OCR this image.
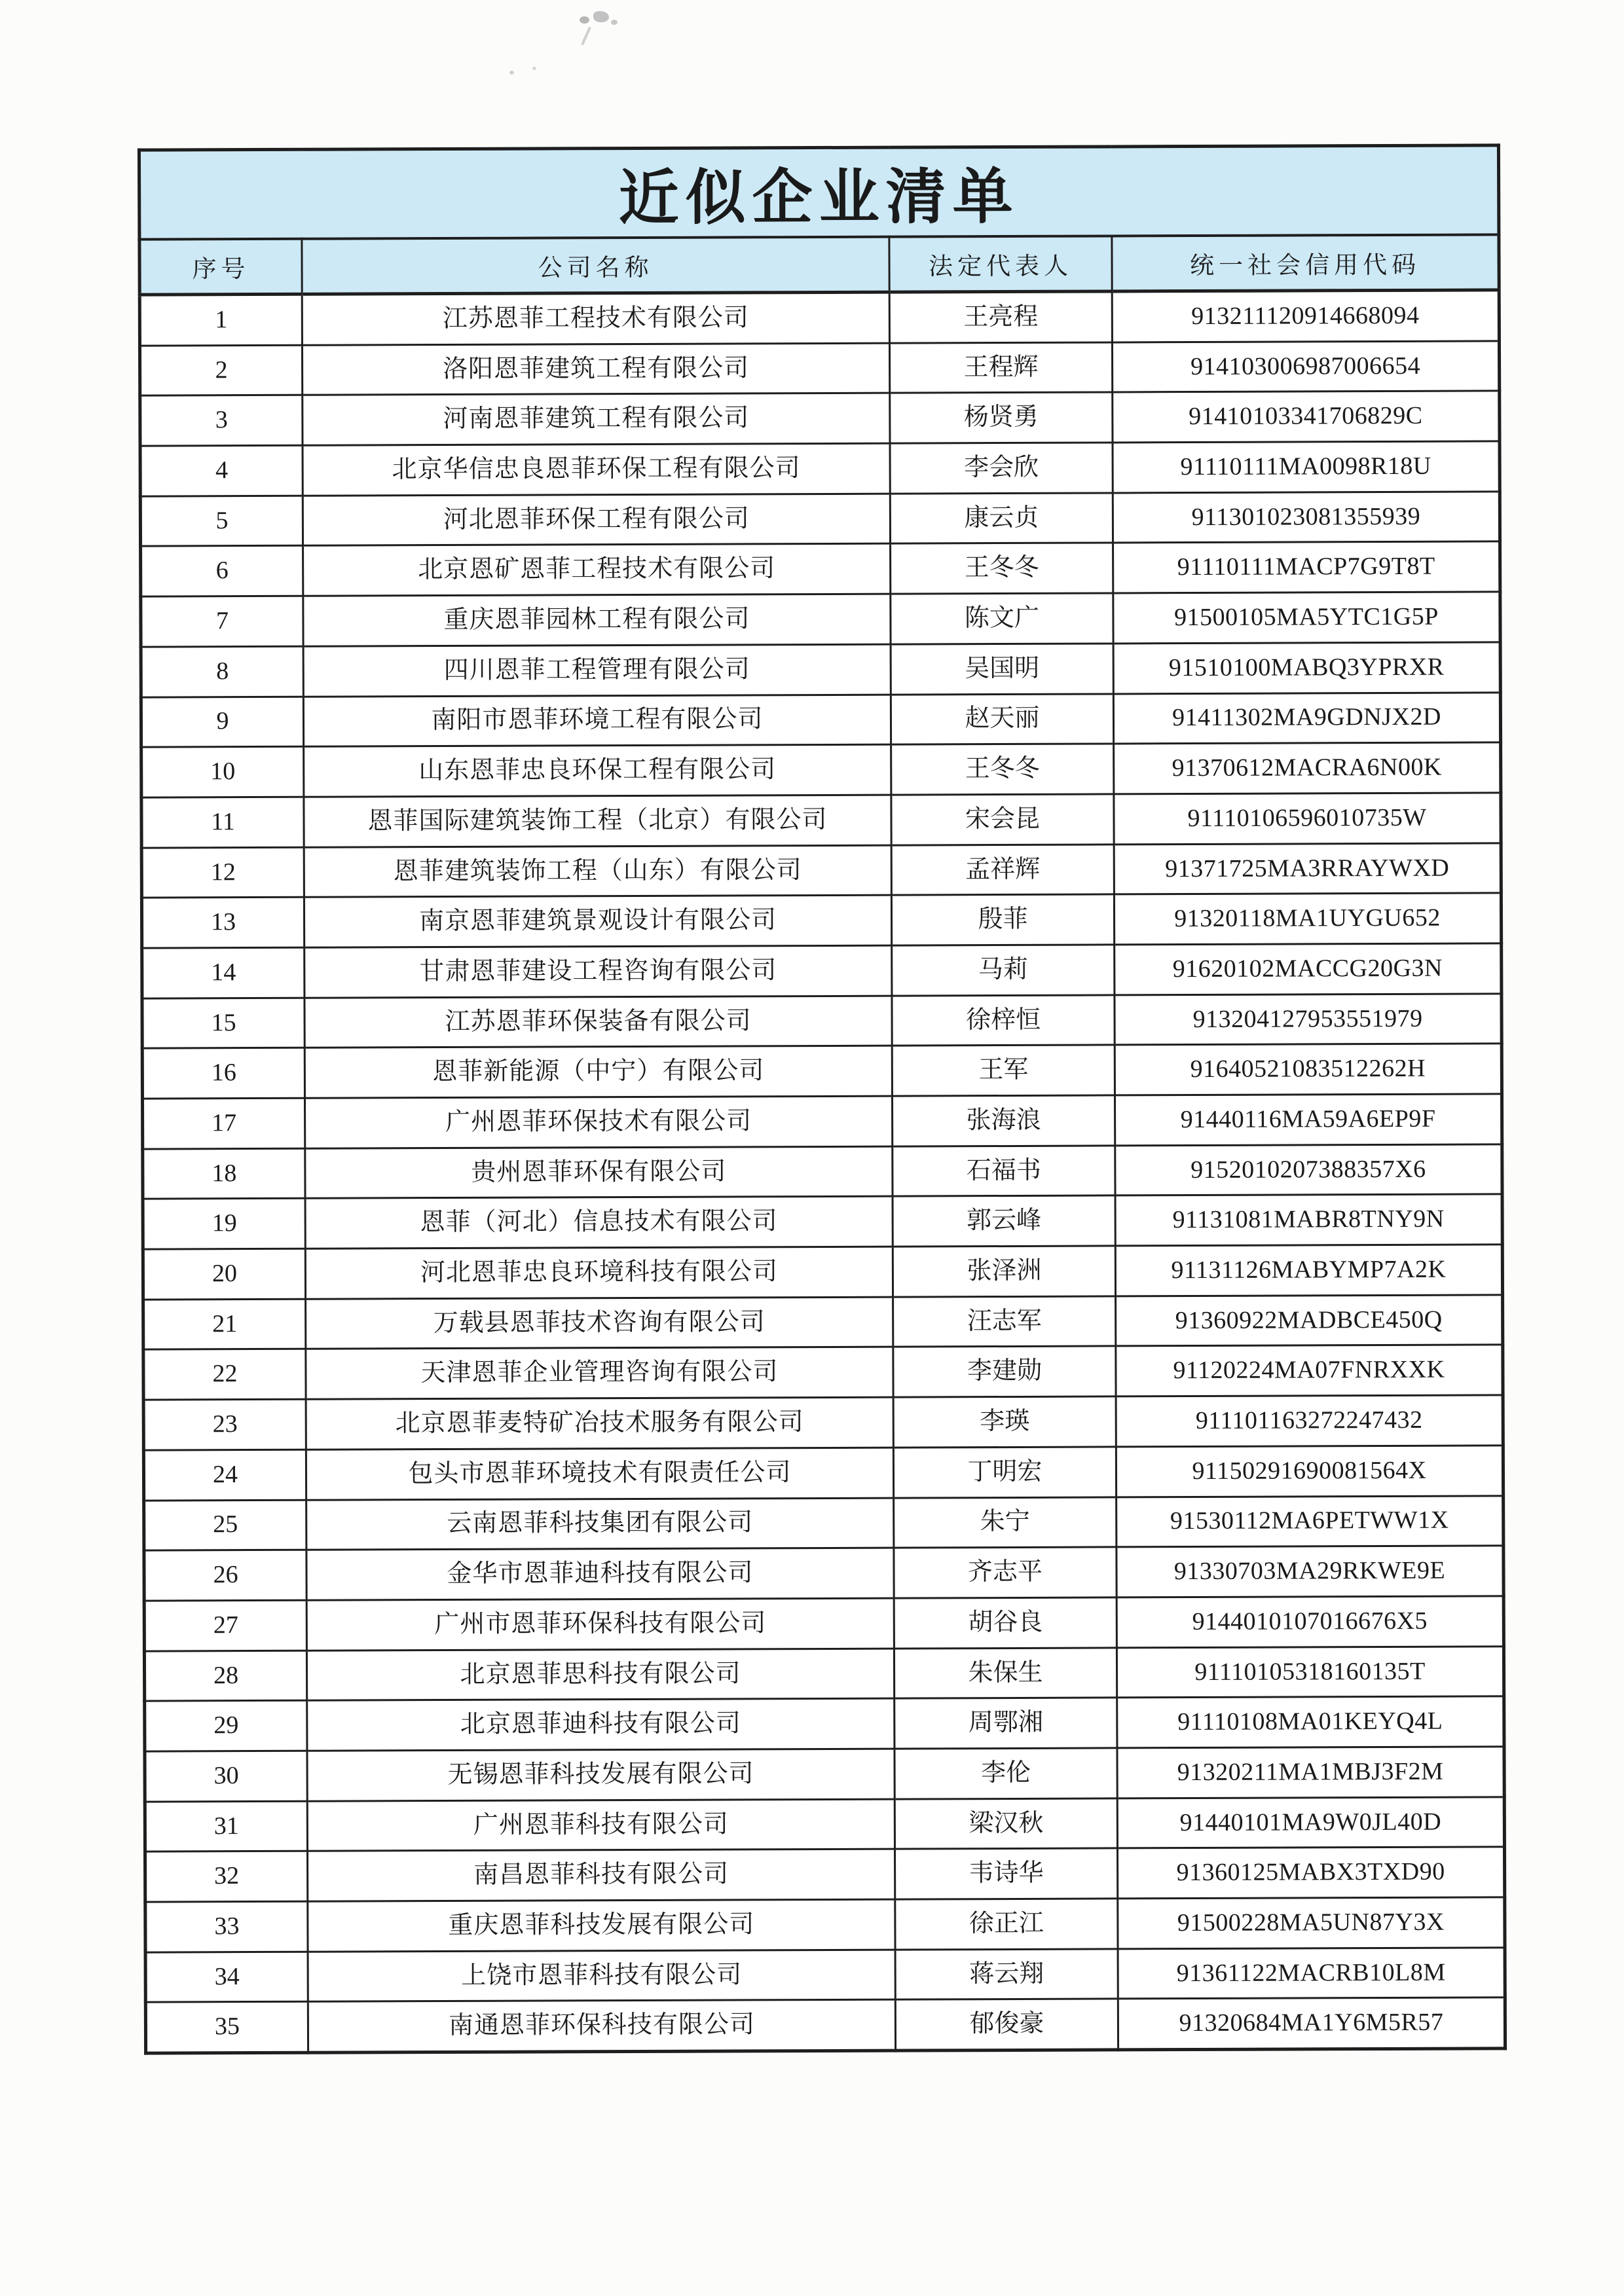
近似企业清单			
序号	公司名称	法定代表人	统一社会信用代码
1	江苏恩菲工程技术有限公司	王亮程	913211120914668094
2	洛阳恩菲建筑工程有限公司	王程辉	914103006987006654
3	河南恩菲建筑工程有限公司	杨贤勇	91410103341706829C
4	北京华信忠良恩菲环保工程有限公司	李会欣	91110111MA0098R18U
5	河北恩菲环保工程有限公司	康云贞	911301023081355939
6	北京恩矿恩菲工程技术有限公司	王冬冬	91110111MACP7G9T8T
7	重庆恩菲园林工程有限公司	陈文广	91500105MA5YTC1G5P
8	四川恩菲工程管理有限公司	吴国明	91510100MABQ3YPRXR
9	南阳市恩菲环境工程有限公司	赵天丽	91411302MA9GDNJX2D
10	山东恩菲忠良环保工程有限公司	王冬冬	91370612MACRA6N00K
11	恩菲国际建筑装饰工程（北京）有限公司	宋会昆	91110106596010735W
12	恩菲建筑装饰工程（山东）有限公司	孟祥辉	91371725MA3RRAYWXD
13	南京恩菲建筑景观设计有限公司	殷菲	91320118MA1UYGU652
14	甘肃恩菲建设工程咨询有限公司	马莉	91620102MACCG20G3N
15	江苏恩菲环保装备有限公司	徐梓恒	913204127953551979
16	恩菲新能源（中宁）有限公司	王军	91640521083512262H
17	广州恩菲环保技术有限公司	张海浪	91440116MA59A6EP9F
18	贵州恩菲环保有限公司	石福书	9152010207388357X6
19	恩菲（河北）信息技术有限公司	郭云峰	91131081MABR8TNY9N
20	河北恩菲忠良环境科技有限公司	张泽洲	91131126MABYMP7A2K
21	万载县恩菲技术咨询有限公司	汪志军	91360922MADBCE450Q
22	天津恩菲企业管理咨询有限公司	李建勋	91120224MA07FNRXXK
23	北京恩菲麦特矿冶技术服务有限公司	李瑛	911101163272247432
24	包头市恩菲环境技术有限责任公司	丁明宏	91150291690081564X
25	云南恩菲科技集团有限公司	朱宁	91530112MA6PETWW1X
26	金华市恩菲迪科技有限公司	齐志平	91330703MA29RKWE9E
27	广州市恩菲环保科技有限公司	胡谷良	9144010107016676X5
28	北京恩菲思科技有限公司	朱保生	91110105318160135T
29	北京恩菲迪科技有限公司	周鄂湘	91110108MA01KEYQ4L
30	无锡恩菲科技发展有限公司	李伦	91320211MA1MBJ3F2M
31	广州恩菲科技有限公司	梁汉秋	91440101MA9W0JL40D
32	南昌恩菲科技有限公司	韦诗华	91360125MABX3TXD90
33	重庆恩菲科技发展有限公司	徐正江	91500228MA5UN87Y3X
34	上饶市恩菲科技有限公司	蒋云翔	91361122MACRB10L8M
35	南通恩菲环保科技有限公司	郁俊豪	91320684MA1Y6M5R57
